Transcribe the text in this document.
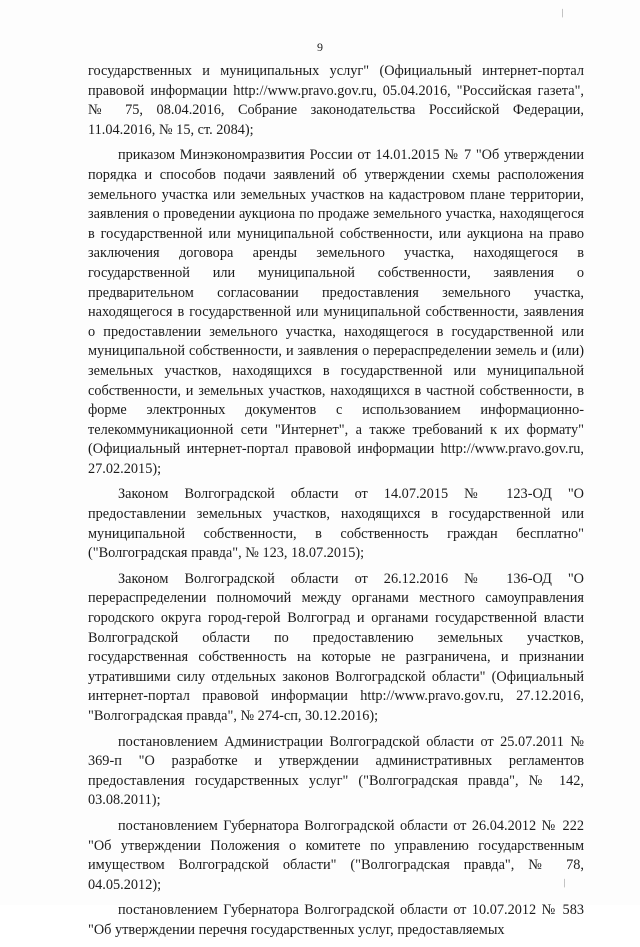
/
9

государственных и муниципальных услуг" (Официальный интернет-портал правовой информации http://www.pravo.gov.ru, 05.04.2016, "Российская газета", № 75, 08.04.2016, Собрание законодательства Российской Федерации, 11.04.2016, № 15, ст. 2084);

приказом Минэкономразвития России от 14.01.2015 № 7 "Об утверждении порядка и способов подачи заявлений об утверждении схемы расположения земельного участка или земельных участков на кадастровом плане территории, заявления о проведении аукциона по продаже земельного участка, находящегося в государственной или муниципальной собственности, или аукциона на право заключения договора аренды земельного участка, находящегося в государственной или муниципальной собственности, заявления о предварительном согласовании предоставления земельного участка, находящегося в государственной или муниципальной собственности, заявления о предоставлении земельного участка, находящегося в государственной или муниципальной собственности, и заявления о перераспределении земель и (или) земельных участков, находящихся в государственной или муниципальной собственности, и земельных участков, находящихся в частной собственности, в форме электронных документов с использованием информационно-телекоммуникационной сети "Интернет", а также требований к их формату" (Официальный интернет-портал правовой информации http://www.pravo.gov.ru, 27.02.2015);

Законом Волгоградской области от 14.07.2015 № 123-ОД "О предоставлении земельных участков, находящихся в государственной или муниципальной собственности, в собственность граждан бесплатно" ("Волгоградская правда", № 123, 18.07.2015);

Законом Волгоградской области от 26.12.2016 № 136-ОД "О перераспределении полномочий между органами местного самоуправления городского округа город-герой Волгоград и органами государственной власти Волгоградской области по предоставлению земельных участков, государственная собственность на которые не разграничена, и признании утратившими силу отдельных законов Волгоградской области" (Официальный интернет-портал правовой информации http://www.pravo.gov.ru, 27.12.2016, "Волгоградская правда", № 274-сп, 30.12.2016);

постановлением Администрации Волгоградской области от 25.07.2011 № 369-п "О разработке и утверждении административных регламентов предоставления государственных услуг" ("Волгоградская правда", № 142, 03.08.2011);

постановлением Губернатора Волгоградской области от 26.04.2012 № 222 "Об утверждении Положения о комитете по управлению государственным имуществом Волгоградской области" ("Волгоградская правда", № 78, 04.05.2012);

постановлением Губернатора Волгоградской области от 10.07.2012 № 583 "Об утверждении перечня государственных услуг, предоставляемых

/
